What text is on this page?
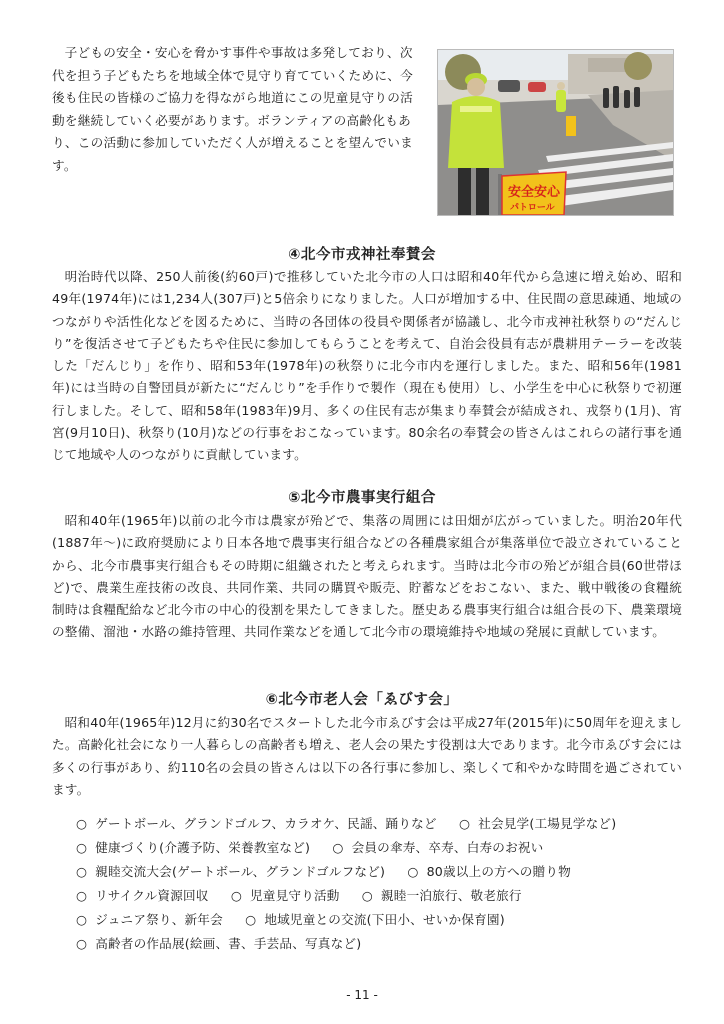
子どもの安全・安心を脅かす事件や事故は多発しており、次代を担う子どもたちを地域全体で見守り育てていくために、今後も住民の皆様のご協力を得ながら地道にこの児童見守りの活動を継続していく必要があります。ボランティアの高齢化もあり、この活動に参加していただく人が増えることを望んでいます。

安全安心
パトロール
④北今市戎神社奉賛会

明治時代以降、250人前後(約60戸)で推移していた北今市の人口は昭和40年代から急速に増え始め、昭和49年(1974年)には1,234人(307戸)と5倍余りになりました。人口が増加する中、住民間の意思疎通、地域のつながりや活性化などを図るために、当時の各団体の役員や関係者が協議し、北今市戎神社秋祭りの“だんじり”を復活させて子どもたちや住民に参加してもらうことを考えて、自治会役員有志が農耕用テーラーを改装した「だんじり」を作り、昭和53年(1978年)の秋祭りに北今市内を運行しました。また、昭和56年(1981年)には当時の自警団員が新たに“だんじり”を手作りで製作（現在も使用）し、小学生を中心に秋祭りで初運行しました。そして、昭和58年(1983年)9月、多くの住民有志が集まり奉賛会が結成され、戎祭り(1月)、宵宮(9月10日)、秋祭り(10月)などの行事をおこなっています。80余名の奉賛会の皆さんはこれらの諸行事を通じて地域や人のつながりに貢献しています。

⑤北今市農事実行組合

昭和40年(1965年)以前の北今市は農家が殆どで、集落の周囲には田畑が広がっていました。明治20年代(1887年～)に政府奨励により日本各地で農事実行組合などの各種農家組合が集落単位で設立されていることから、北今市農事実行組合もその時期に組織されたと考えられます。当時は北今市の殆どが組合員(60世帯ほど)で、農業生産技術の改良、共同作業、共同の購買や販売、貯蓄などをおこない、また、戦中戦後の食糧統制時は食糧配給など北今市の中心的役割を果たしてきました。歴史ある農事実行組合は組合長の下、農業環境の整備、溜池・水路の維持管理、共同作業などを通して北今市の環境維持や地域の発展に貢献しています。

⑥北今市老人会「ゑびす会」

昭和40年(1965年)12月に約30名でスタートした北今市ゑびす会は平成27年(2015年)に50周年を迎えました。高齢化社会になり一人暮らしの高齢者も増え、老人会の果たす役割は大であります。北今市ゑびす会には多くの行事があり、約110名の会員の皆さんは以下の各行事に参加し、楽しくて和やかな時間を過ごされています。

○ ゲートボール、グランドゴルフ、カラオケ、民謡、踊りなど	○ 社会見学(工場見学など)
○ 健康づくり(介護予防、栄養教室など)	○ 会員の傘寿、卒寿、白寿のお祝い
○ 親睦交流大会(ゲートボール、グランドゴルフなど)	○ 80歳以上の方への贈り物
○ リサイクル資源回収	○ 児童見守り活動	○ 親睦一泊旅行、敬老旅行
○ ジュニア祭り、新年会	○ 地域児童との交流(下田小、せいか保育園)
○ 高齢者の作品展(絵画、書、手芸品、写真など)
- 11 -
